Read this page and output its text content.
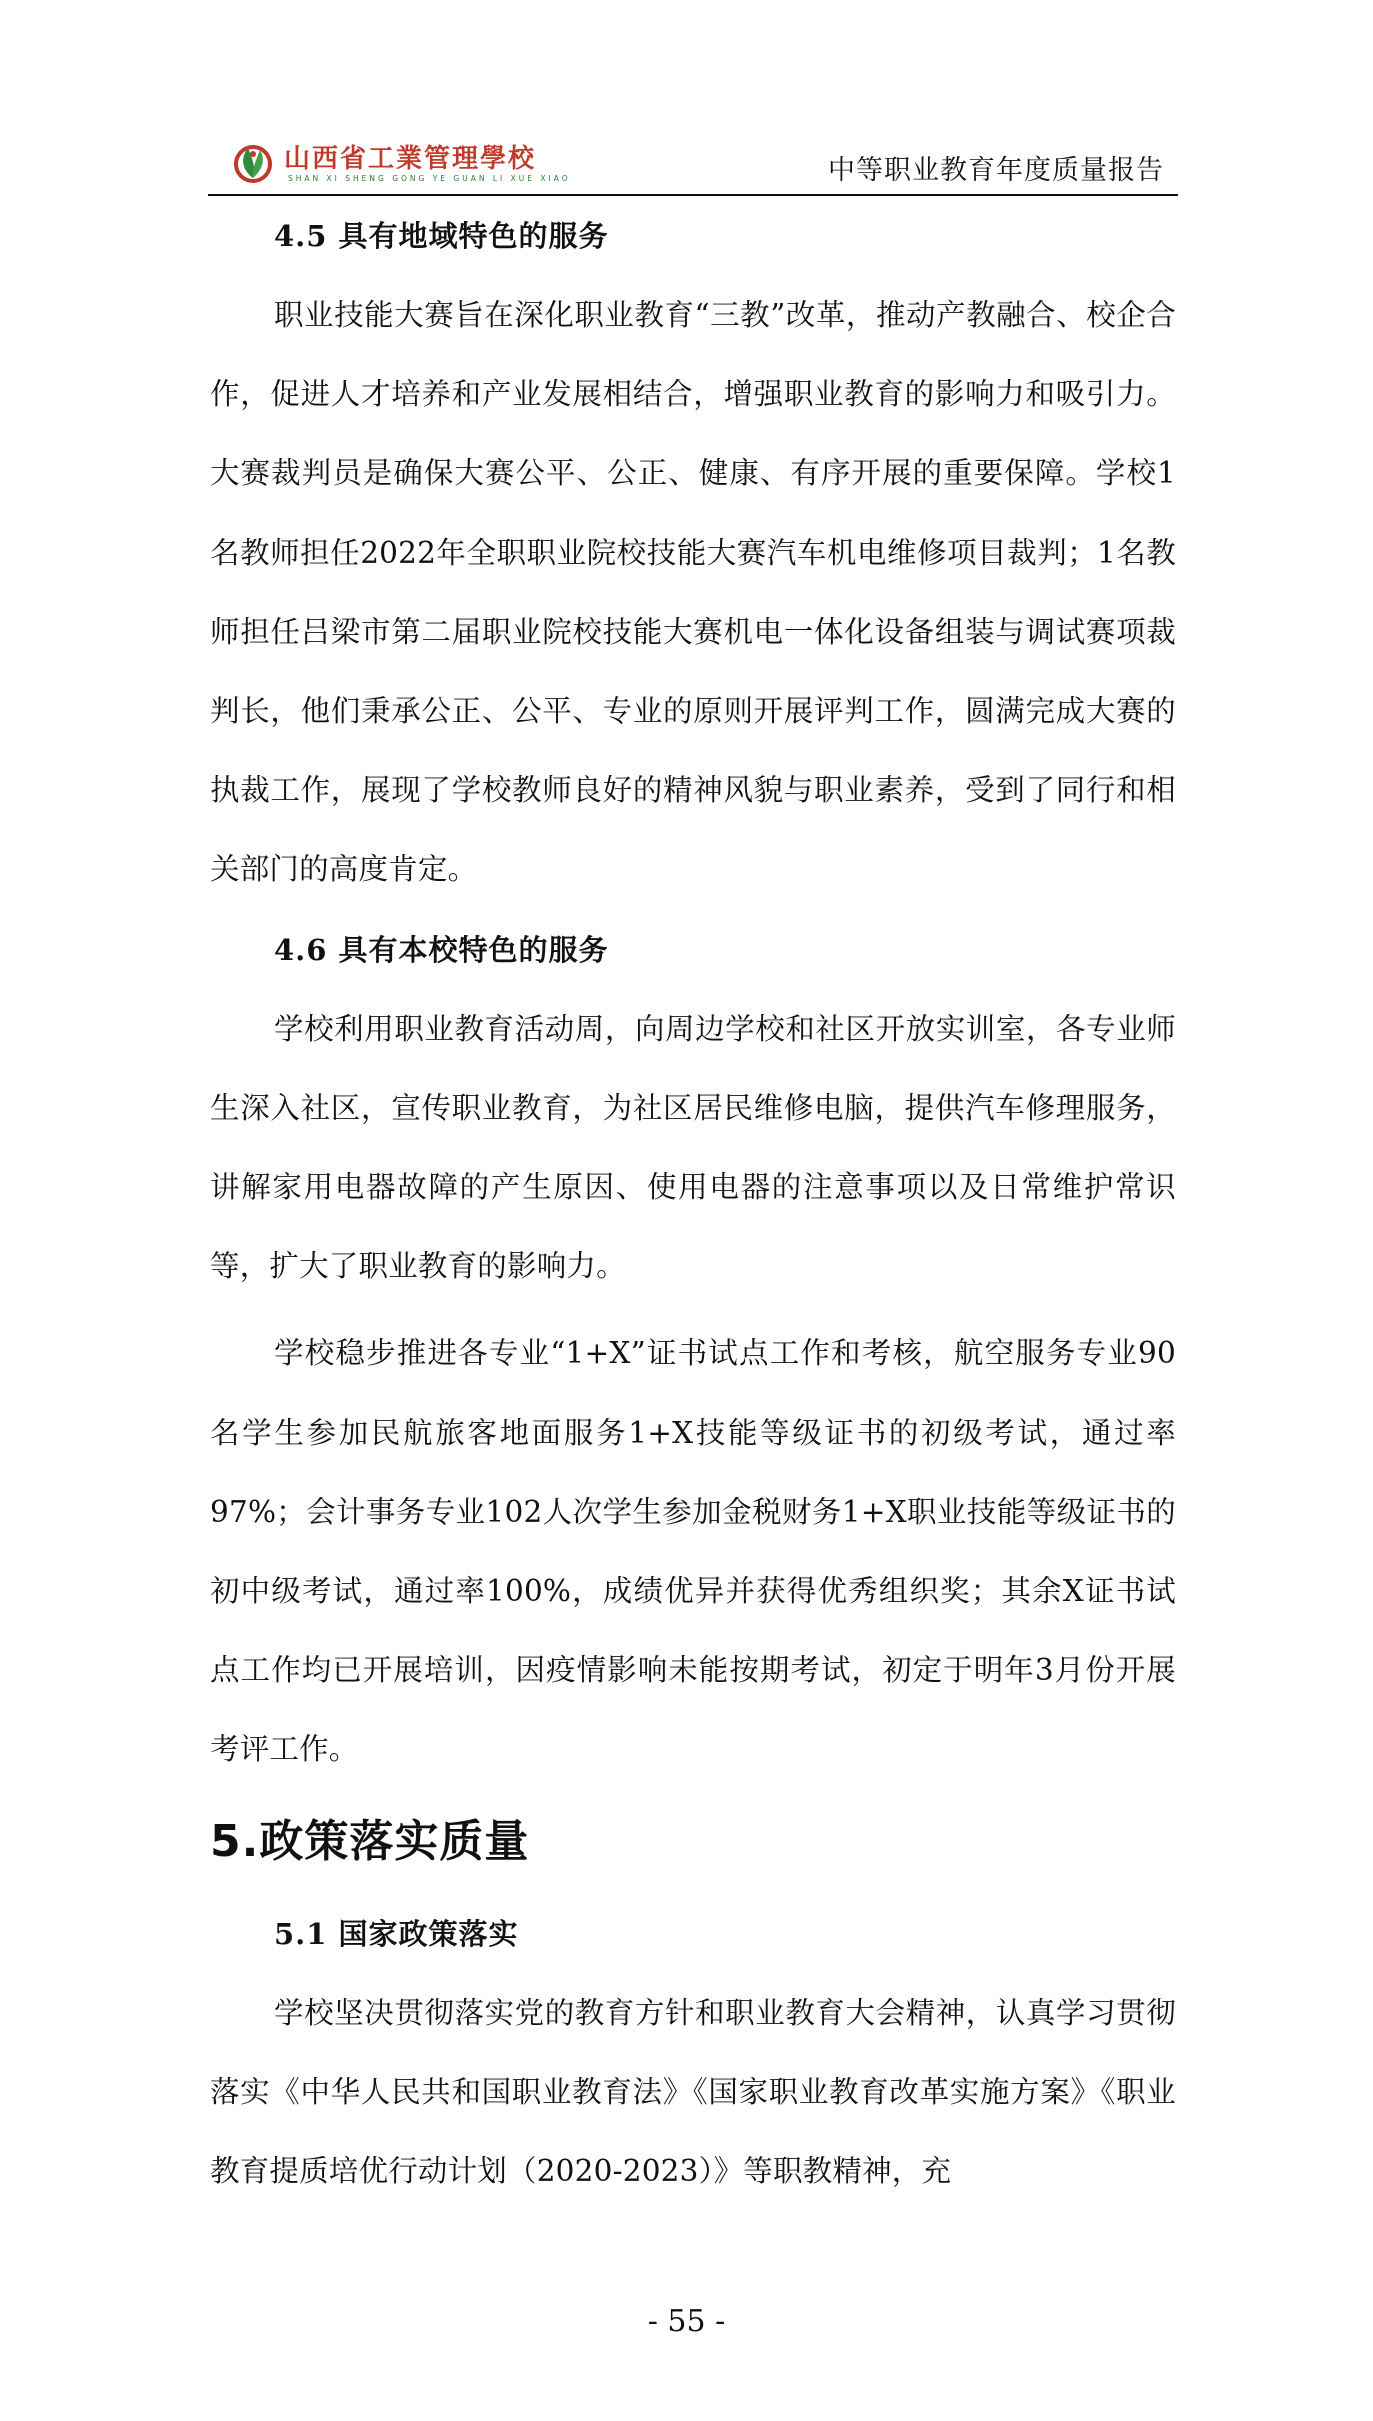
山西省工業管理學校
SHAN XI SHENG GONG YE GUAN LI XUE XIAO	中等职业教育年度质量报告
4.5 具有地域特色的服务

职业技能大赛旨在深化职业教育“三教”改革，推动产教融合、校企合作，促进人才培养和产业发展相结合，增强职业教育的影响力和吸引力。大赛裁判员是确保大赛公平、公正、健康、有序开展的重要保障。学校1名教师担任2022年全职职业院校技能大赛汽车机电维修项目裁判；1名教师担任吕梁市第二届职业院校技能大赛机电一体化设备组装与调试赛项裁判长，他们秉承公正、公平、专业的原则开展评判工作，圆满完成大赛的执裁工作，展现了学校教师良好的精神风貌与职业素养，受到了同行和相关部门的高度肯定。

4.6 具有本校特色的服务

学校利用职业教育活动周，向周边学校和社区开放实训室，各专业师生深入社区，宣传职业教育，为社区居民维修电脑，提供汽车修理服务，讲解家用电器故障的产生原因、使用电器的注意事项以及日常维护常识等，扩大了职业教育的影响力。

学校稳步推进各专业“1+X”证书试点工作和考核，航空服务专业90名学生参加民航旅客地面服务1+X技能等级证书的初级考试，通过率97%；会计事务专业102人次学生参加金税财务1+X职业技能等级证书的初中级考试，通过率100%，成绩优异并获得优秀组织奖；其余X证书试点工作均已开展培训，因疫情影响未能按期考试，初定于明年3月份开展考评工作。

5.政策落实质量
5.1 国家政策落实

学校坚决贯彻落实党的教育方针和职业教育大会精神，认真学习贯彻落实《中华人民共和国职业教育法》《国家职业教育改革实施方案》《职业教育提质培优行动计划（2020-2023）》等职教精神，充

- 55 -
